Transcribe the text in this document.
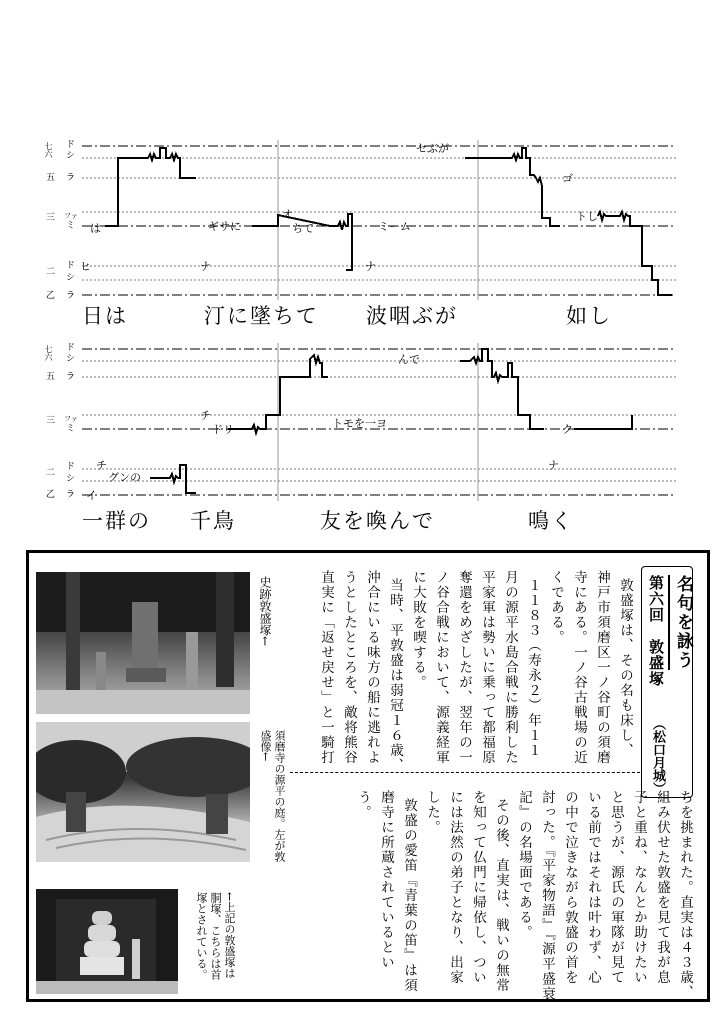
七六 ド
シ
五 ラ
三 ファ
ミ
二
ド
シ
乙 ラ
セぶが
ゴ
トし
は
ヒ	ナ
ギサに
オ
ちて	ミーム
ナ
日は	汀に墜ちて 波咽ぶが	如し
七六 ド
シ
五 ラ
三 ファ
ミ
二
ド
シ
乙 ラ
んで
チ
ドリ	トモを一ヨ	ク
チ
グンの
イ
ナ
一群の 千鳥	友を喚んで	鳴く
名句を詠う
第六回　敦盛塚
（松口月城）
敦盛塚は、その名も床し、
神戸市須磨区一ノ谷町の須磨
寺にある。一ノ谷古戦場の近
くである。
１１８３（寿永２）年１１
月の源平水島合戦に勝利した
平家軍は勢いに乗って都福原
奪還をめざしたが、翌年の一
ノ谷合戦において、源義経軍
に大敗を喫する。
当時、平敦盛は弱冠１６歳、
沖合にいる味方の船に逃れよ
うとしたところを、敵将熊谷
直実に「返せ戻せ」と一騎打
ちを挑まれた。直実は４３歳、
組み伏せた敦盛を見て我が息
子と重ね、なんとか助けたい
と思うが、源氏の軍隊が見て
いる前ではそれは叶わず、心
の中で泣きながら敦盛の首を
討った。『平家物語』『源平盛衰
記』の名場面である。
その後、直実は、戦いの無常
を知って仏門に帰依し、つい
には法然の弟子となり、出家
した。
敦盛の愛笛『青葉の笛』は須
磨寺に所蔵されているとい
う。
史跡敦盛塚←
須磨寺の源平の庭。左が敦
盛像←
←上記の敦盛塚は
胴塚、こちらは首
塚とされている。
